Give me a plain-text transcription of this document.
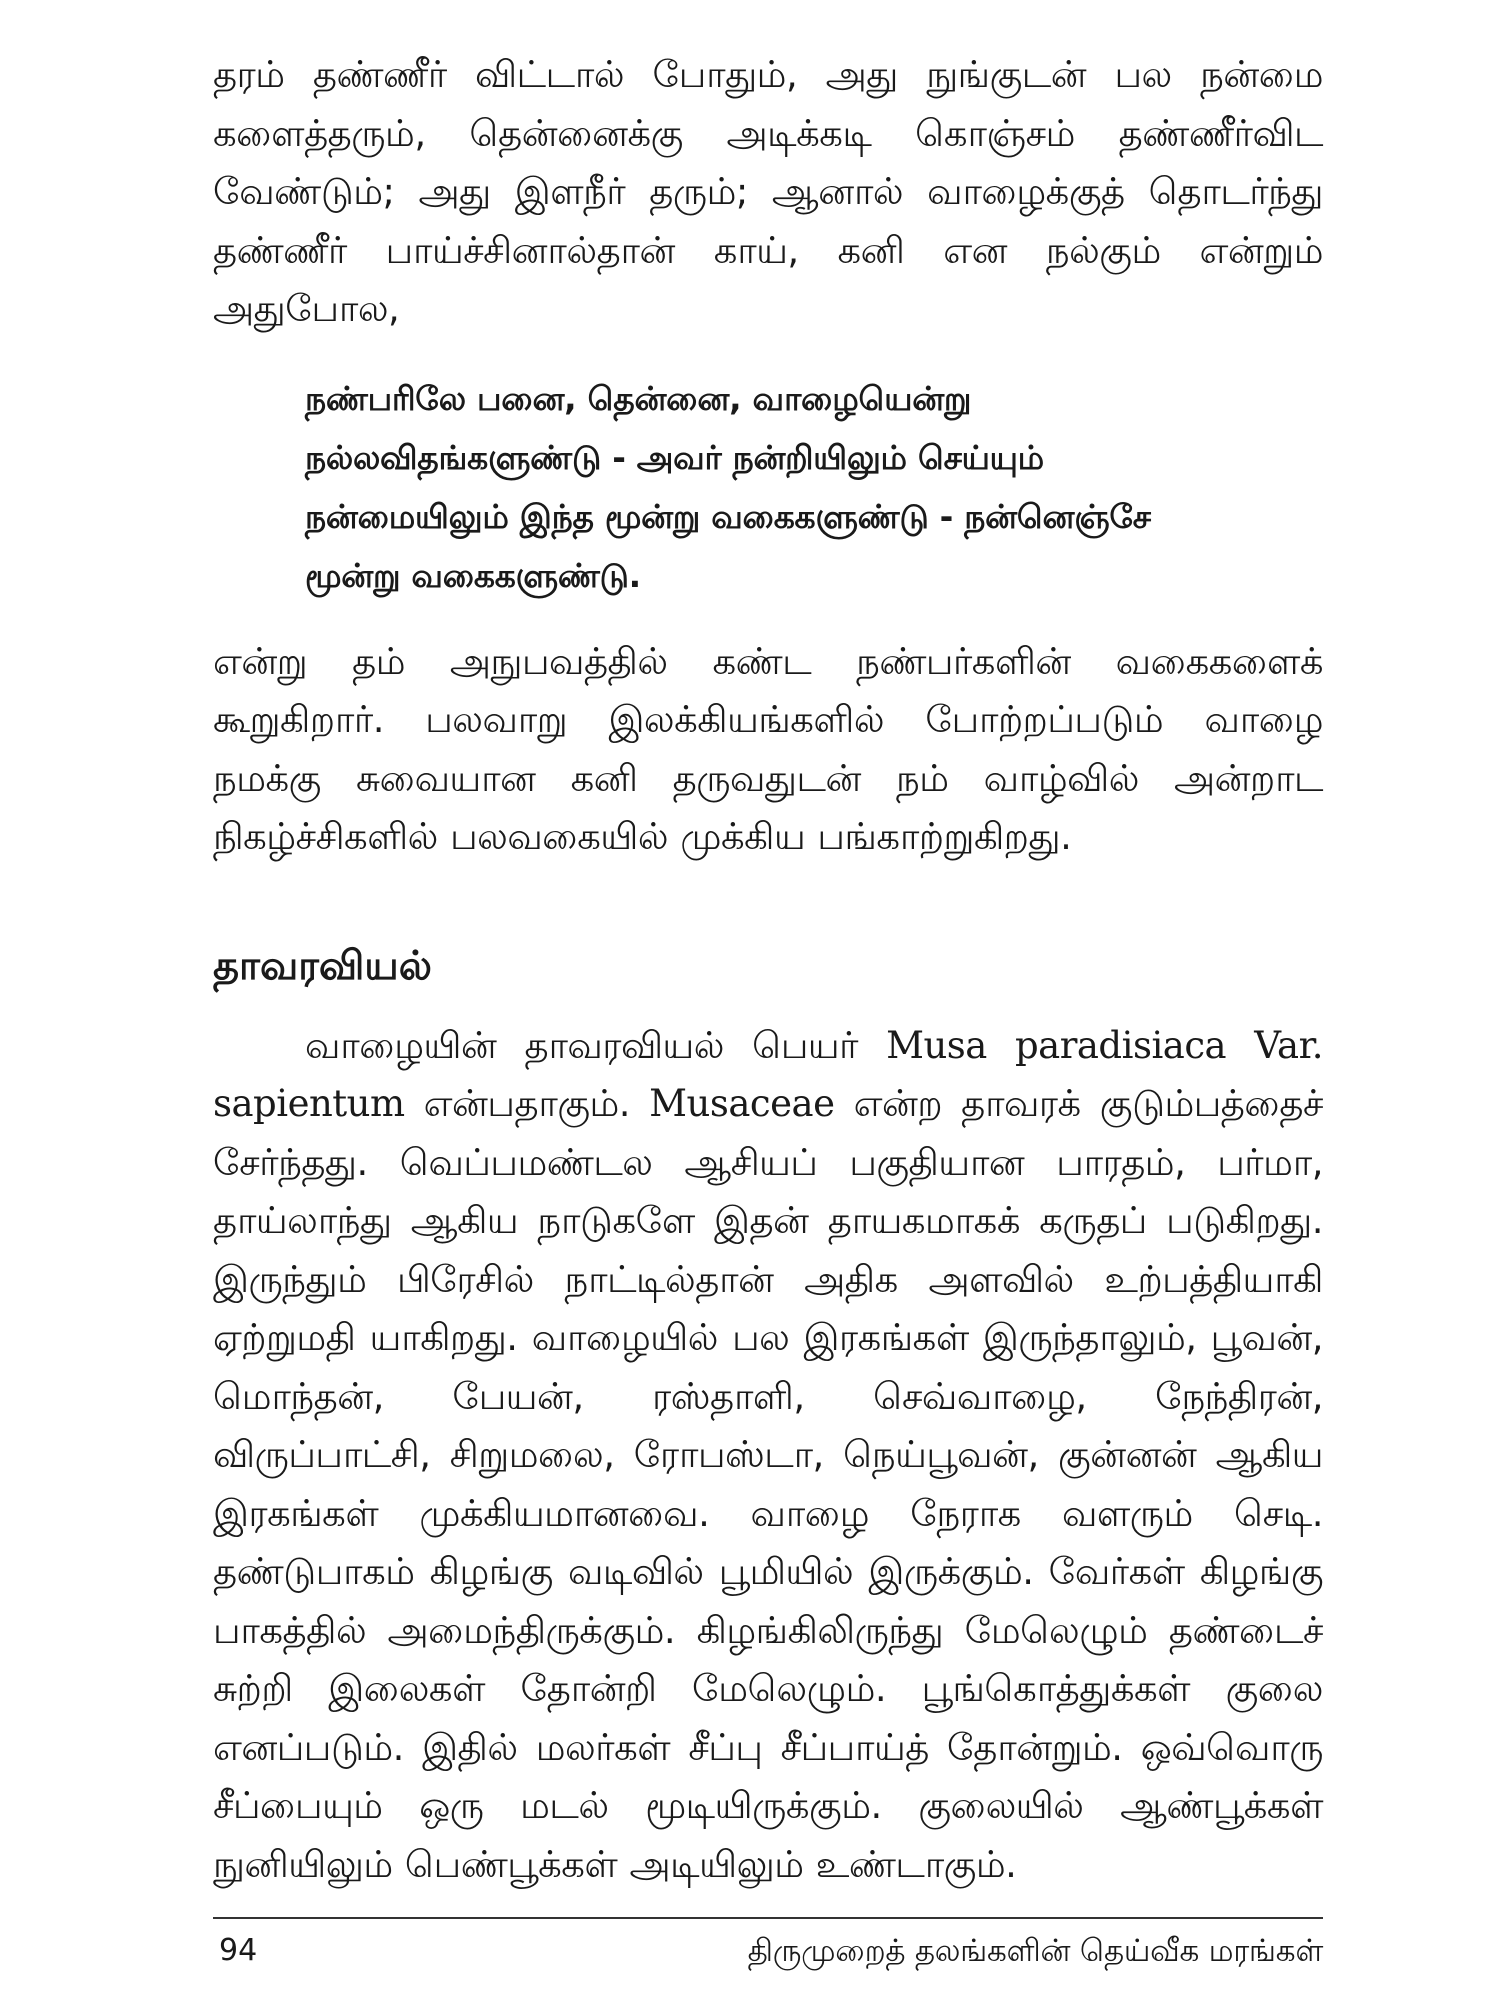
தரம் தண்ணீர் விட்டால் போதும், அது நுங்குடன் பல நன்மை களைத்தரும், தென்னைக்கு அடிக்கடி கொஞ்சம் தண்ணீர்விட வேண்டும்; அது இளநீர் தரும்; ஆனால் வாழைக்குத் தொடர்ந்து தண்ணீர் பாய்ச்சினால்தான் காய், கனி என நல்கும் என்றும் அதுபோல,

நண்பரிலே பனை, தென்னை, வாழையென்று
நல்லவிதங்களுண்டு - அவர் நன்றியிலும் செய்யும்
நன்மையிலும் இந்த மூன்று வகைகளுண்டு - நன்னெஞ்சே
மூன்று வகைகளுண்டு.

என்று தம் அநுபவத்தில் கண்ட நண்பர்களின் வகைகளைக் கூறுகிறார். பலவாறு இலக்கியங்களில் போற்றப்படும் வாழை நமக்கு சுவையான கனி தருவதுடன் நம் வாழ்வில் அன்றாட நிகழ்ச்சிகளில் பலவகையில் முக்கிய பங்காற்றுகிறது.

தாவரவியல்

வாழையின் தாவரவியல் பெயர் Musa paradisiaca Var. sapientum என்பதாகும். Musaceae என்ற தாவரக் குடும்பத்தைச் சேர்ந்தது. வெப்பமண்டல ஆசியப் பகுதியான பாரதம், பர்மா, தாய்லாந்து ஆகிய நாடுகளே இதன் தாயகமாகக் கருதப் படுகிறது. இருந்தும் பிரேசில் நாட்டில்தான் அதிக அளவில் உற்பத்தியாகி ஏற்றுமதி யாகிறது. வாழையில் பல இரகங்கள் இருந்தாலும், பூவன், மொந்தன், பேயன், ரஸ்தாளி, செவ்வாழை, நேந்திரன், விருப்பாட்சி, சிறுமலை, ரோபஸ்டா, நெய்பூவன், குன்னன் ஆகிய இரகங்கள் முக்கியமானவை. வாழை நேராக வளரும் செடி. தண்டுபாகம் கிழங்கு வடிவில் பூமியில் இருக்கும். வேர்கள் கிழங்கு பாகத்தில் அமைந்திருக்கும். கிழங்கிலிருந்து மேலெழும் தண்டைச் சுற்றி இலைகள் தோன்றி மேலெழும். பூங்கொத்துக்கள் குலை எனப்படும். இதில் மலர்கள் சீப்பு சீப்பாய்த் தோன்றும். ஒவ்வொரு சீப்பையும் ஒரு மடல் மூடியிருக்கும். குலையில் ஆண்பூக்கள் நுனியிலும் பெண்பூக்கள் அடியிலும் உண்டாகும்.

94	திருமுறைத் தலங்களின் தெய்வீக மரங்கள்
